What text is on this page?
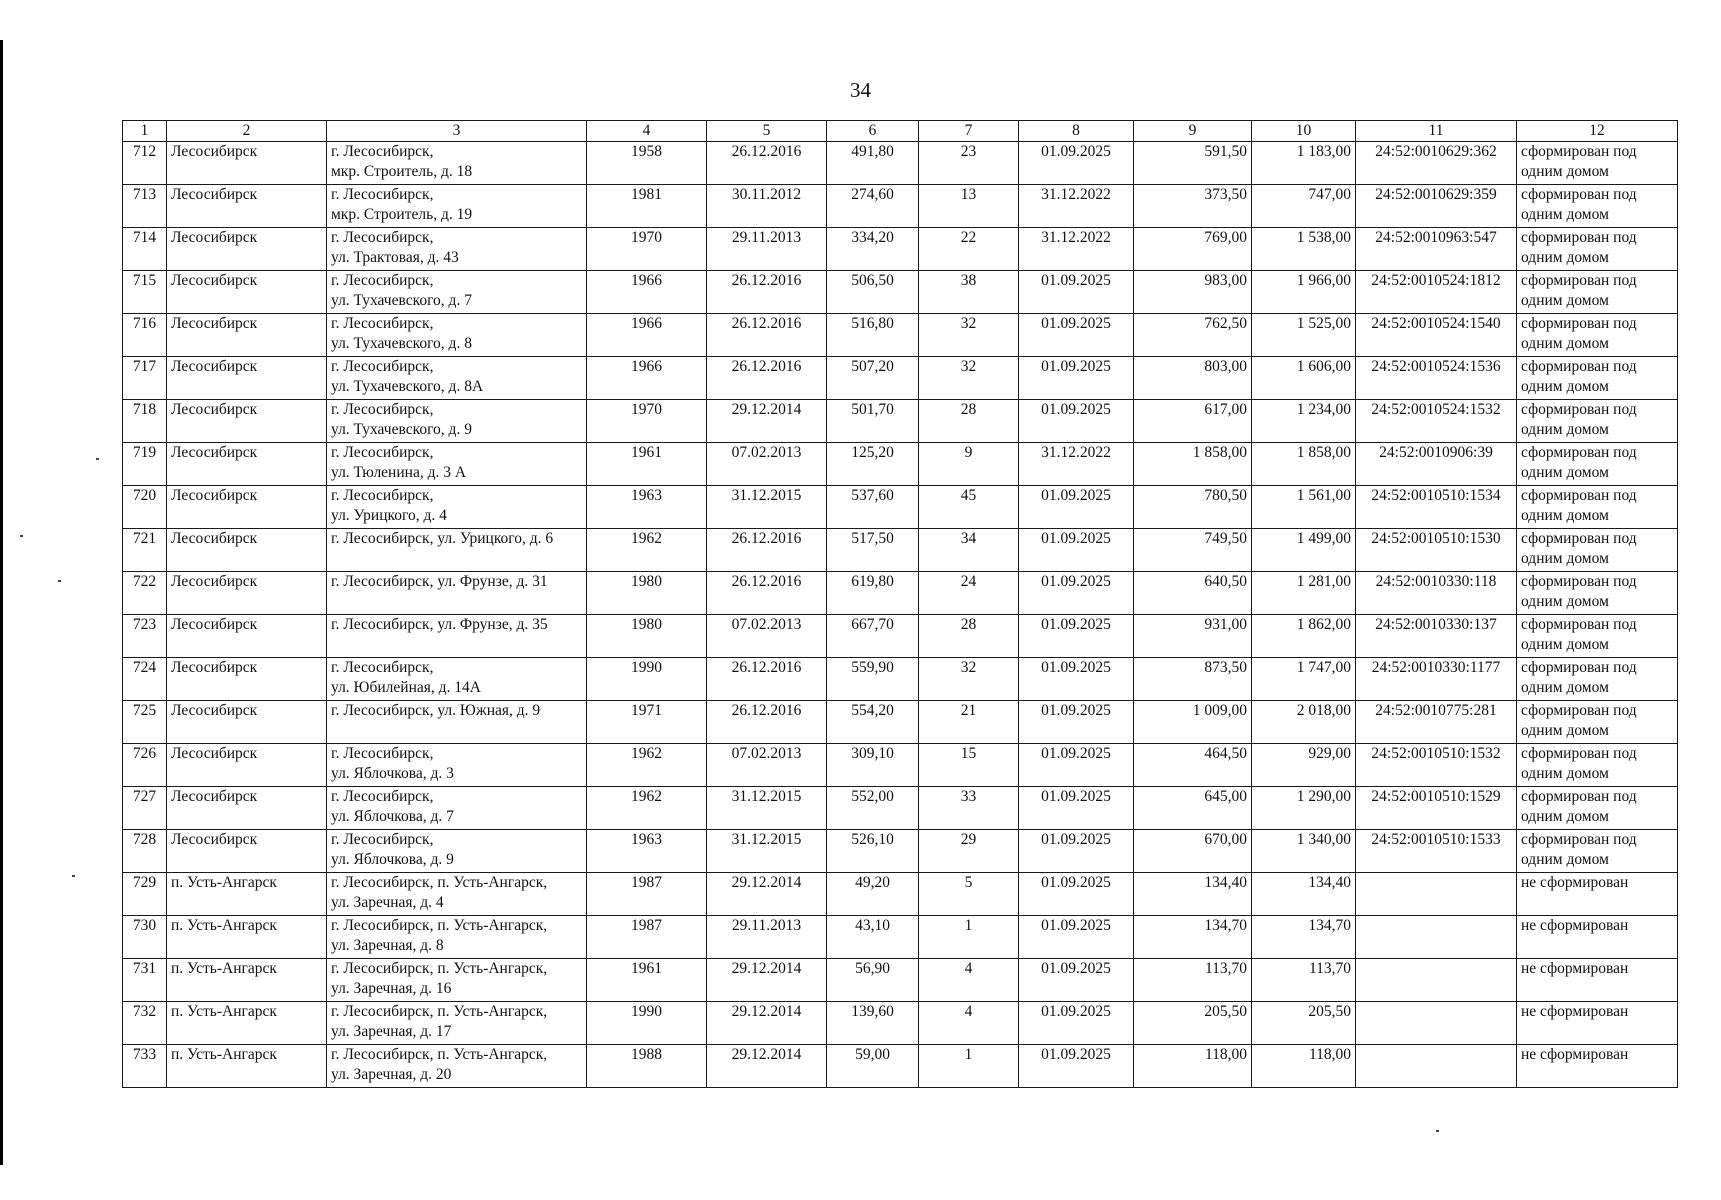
34
1	2	3	4	5	6	7	8	9	10	11	12
712	Лесосибирск	г. Лесосибирск,
мкр. Строитель, д. 18	1958	26.12.2016	491,80	23	01.09.2025	591,50	1 183,00	24:52:0010629:362	сформирован под
одним домом

713	Лесосибирск	г. Лесосибирск,
мкр. Строитель, д. 19	1981	30.11.2012	274,60	13	31.12.2022	373,50	747,00	24:52:0010629:359	сформирован под
одним домом

714	Лесосибирск	г. Лесосибирск,
ул. Трактовая, д. 43	1970	29.11.2013	334,20	22	31.12.2022	769,00	1 538,00	24:52:0010963:547	сформирован под
одним домом

715	Лесосибирск	г. Лесосибирск,
ул. Тухачевского, д. 7	1966	26.12.2016	506,50	38	01.09.2025	983,00	1 966,00	24:52:0010524:1812	сформирован под
одним домом

716	Лесосибирск	г. Лесосибирск,
ул. Тухачевского, д. 8	1966	26.12.2016	516,80	32	01.09.2025	762,50	1 525,00	24:52:0010524:1540	сформирован под
одним домом

717	Лесосибирск	г. Лесосибирск,
ул. Тухачевского, д. 8А	1966	26.12.2016	507,20	32	01.09.2025	803,00	1 606,00	24:52:0010524:1536	сформирован под
одним домом

718	Лесосибирск	г. Лесосибирск,
ул. Тухачевского, д. 9	1970	29.12.2014	501,70	28	01.09.2025	617,00	1 234,00	24:52:0010524:1532	сформирован под
одним домом

719	Лесосибирск	г. Лесосибирск,
ул. Тюленина, д. 3 А	1961	07.02.2013	125,20	9	31.12.2022	1 858,00	1 858,00	24:52:0010906:39	сформирован под
одним домом

720	Лесосибирск	г. Лесосибирск,
ул. Урицкого, д. 4	1963	31.12.2015	537,60	45	01.09.2025	780,50	1 561,00	24:52:0010510:1534	сформирован под
одним домом

721	Лесосибирск	г. Лесосибирск, ул. Урицкого, д. 6	1962	26.12.2016	517,50	34	01.09.2025	749,50	1 499,00	24:52:0010510:1530	сформирован под
одним домом

722	Лесосибирск	г. Лесосибирск, ул. Фрунзе, д. 31	1980	26.12.2016	619,80	24	01.09.2025	640,50	1 281,00	24:52:0010330:118	сформирован под
одним домом

723	Лесосибирск	г. Лесосибирск, ул. Фрунзе, д. 35	1980	07.02.2013	667,70	28	01.09.2025	931,00	1 862,00	24:52:0010330:137	сформирован под
одним домом

724	Лесосибирск	г. Лесосибирск,
ул. Юбилейная, д. 14А	1990	26.12.2016	559,90	32	01.09.2025	873,50	1 747,00	24:52:0010330:1177	сформирован под
одним домом

725	Лесосибирск	г. Лесосибирск, ул. Южная, д. 9	1971	26.12.2016	554,20	21	01.09.2025	1 009,00	2 018,00	24:52:0010775:281	сформирован под
одним домом

726	Лесосибирск	г. Лесосибирск,
ул. Яблочкова, д. 3	1962	07.02.2013	309,10	15	01.09.2025	464,50	929,00	24:52:0010510:1532	сформирован под
одним домом

727	Лесосибирск	г. Лесосибирск,
ул. Яблочкова, д. 7	1962	31.12.2015	552,00	33	01.09.2025	645,00	1 290,00	24:52:0010510:1529	сформирован под
одним домом

728	Лесосибирск	г. Лесосибирск,
ул. Яблочкова, д. 9	1963	31.12.2015	526,10	29	01.09.2025	670,00	1 340,00	24:52:0010510:1533	сформирован под
одним домом

729	п. Усть-Ангарск	г. Лесосибирск, п. Усть-Ангарск,
ул. Заречная, д. 4	1987	29.12.2014	49,20	5	01.09.2025	134,40	134,40		не сформирован

730	п. Усть-Ангарск	г. Лесосибирск, п. Усть-Ангарск,
ул. Заречная, д. 8	1987	29.11.2013	43,10	1	01.09.2025	134,70	134,70		не сформирован

731	п. Усть-Ангарск	г. Лесосибирск, п. Усть-Ангарск,
ул. Заречная, д. 16	1961	29.12.2014	56,90	4	01.09.2025	113,70	113,70		не сформирован

732	п. Усть-Ангарск	г. Лесосибирск, п. Усть-Ангарск,
ул. Заречная, д. 17	1990	29.12.2014	139,60	4	01.09.2025	205,50	205,50		не сформирован

733	п. Усть-Ангарск	г. Лесосибирск, п. Усть-Ангарск,
ул. Заречная, д. 20	1988	29.12.2014	59,00	1	01.09.2025	118,00	118,00		не сформирован
